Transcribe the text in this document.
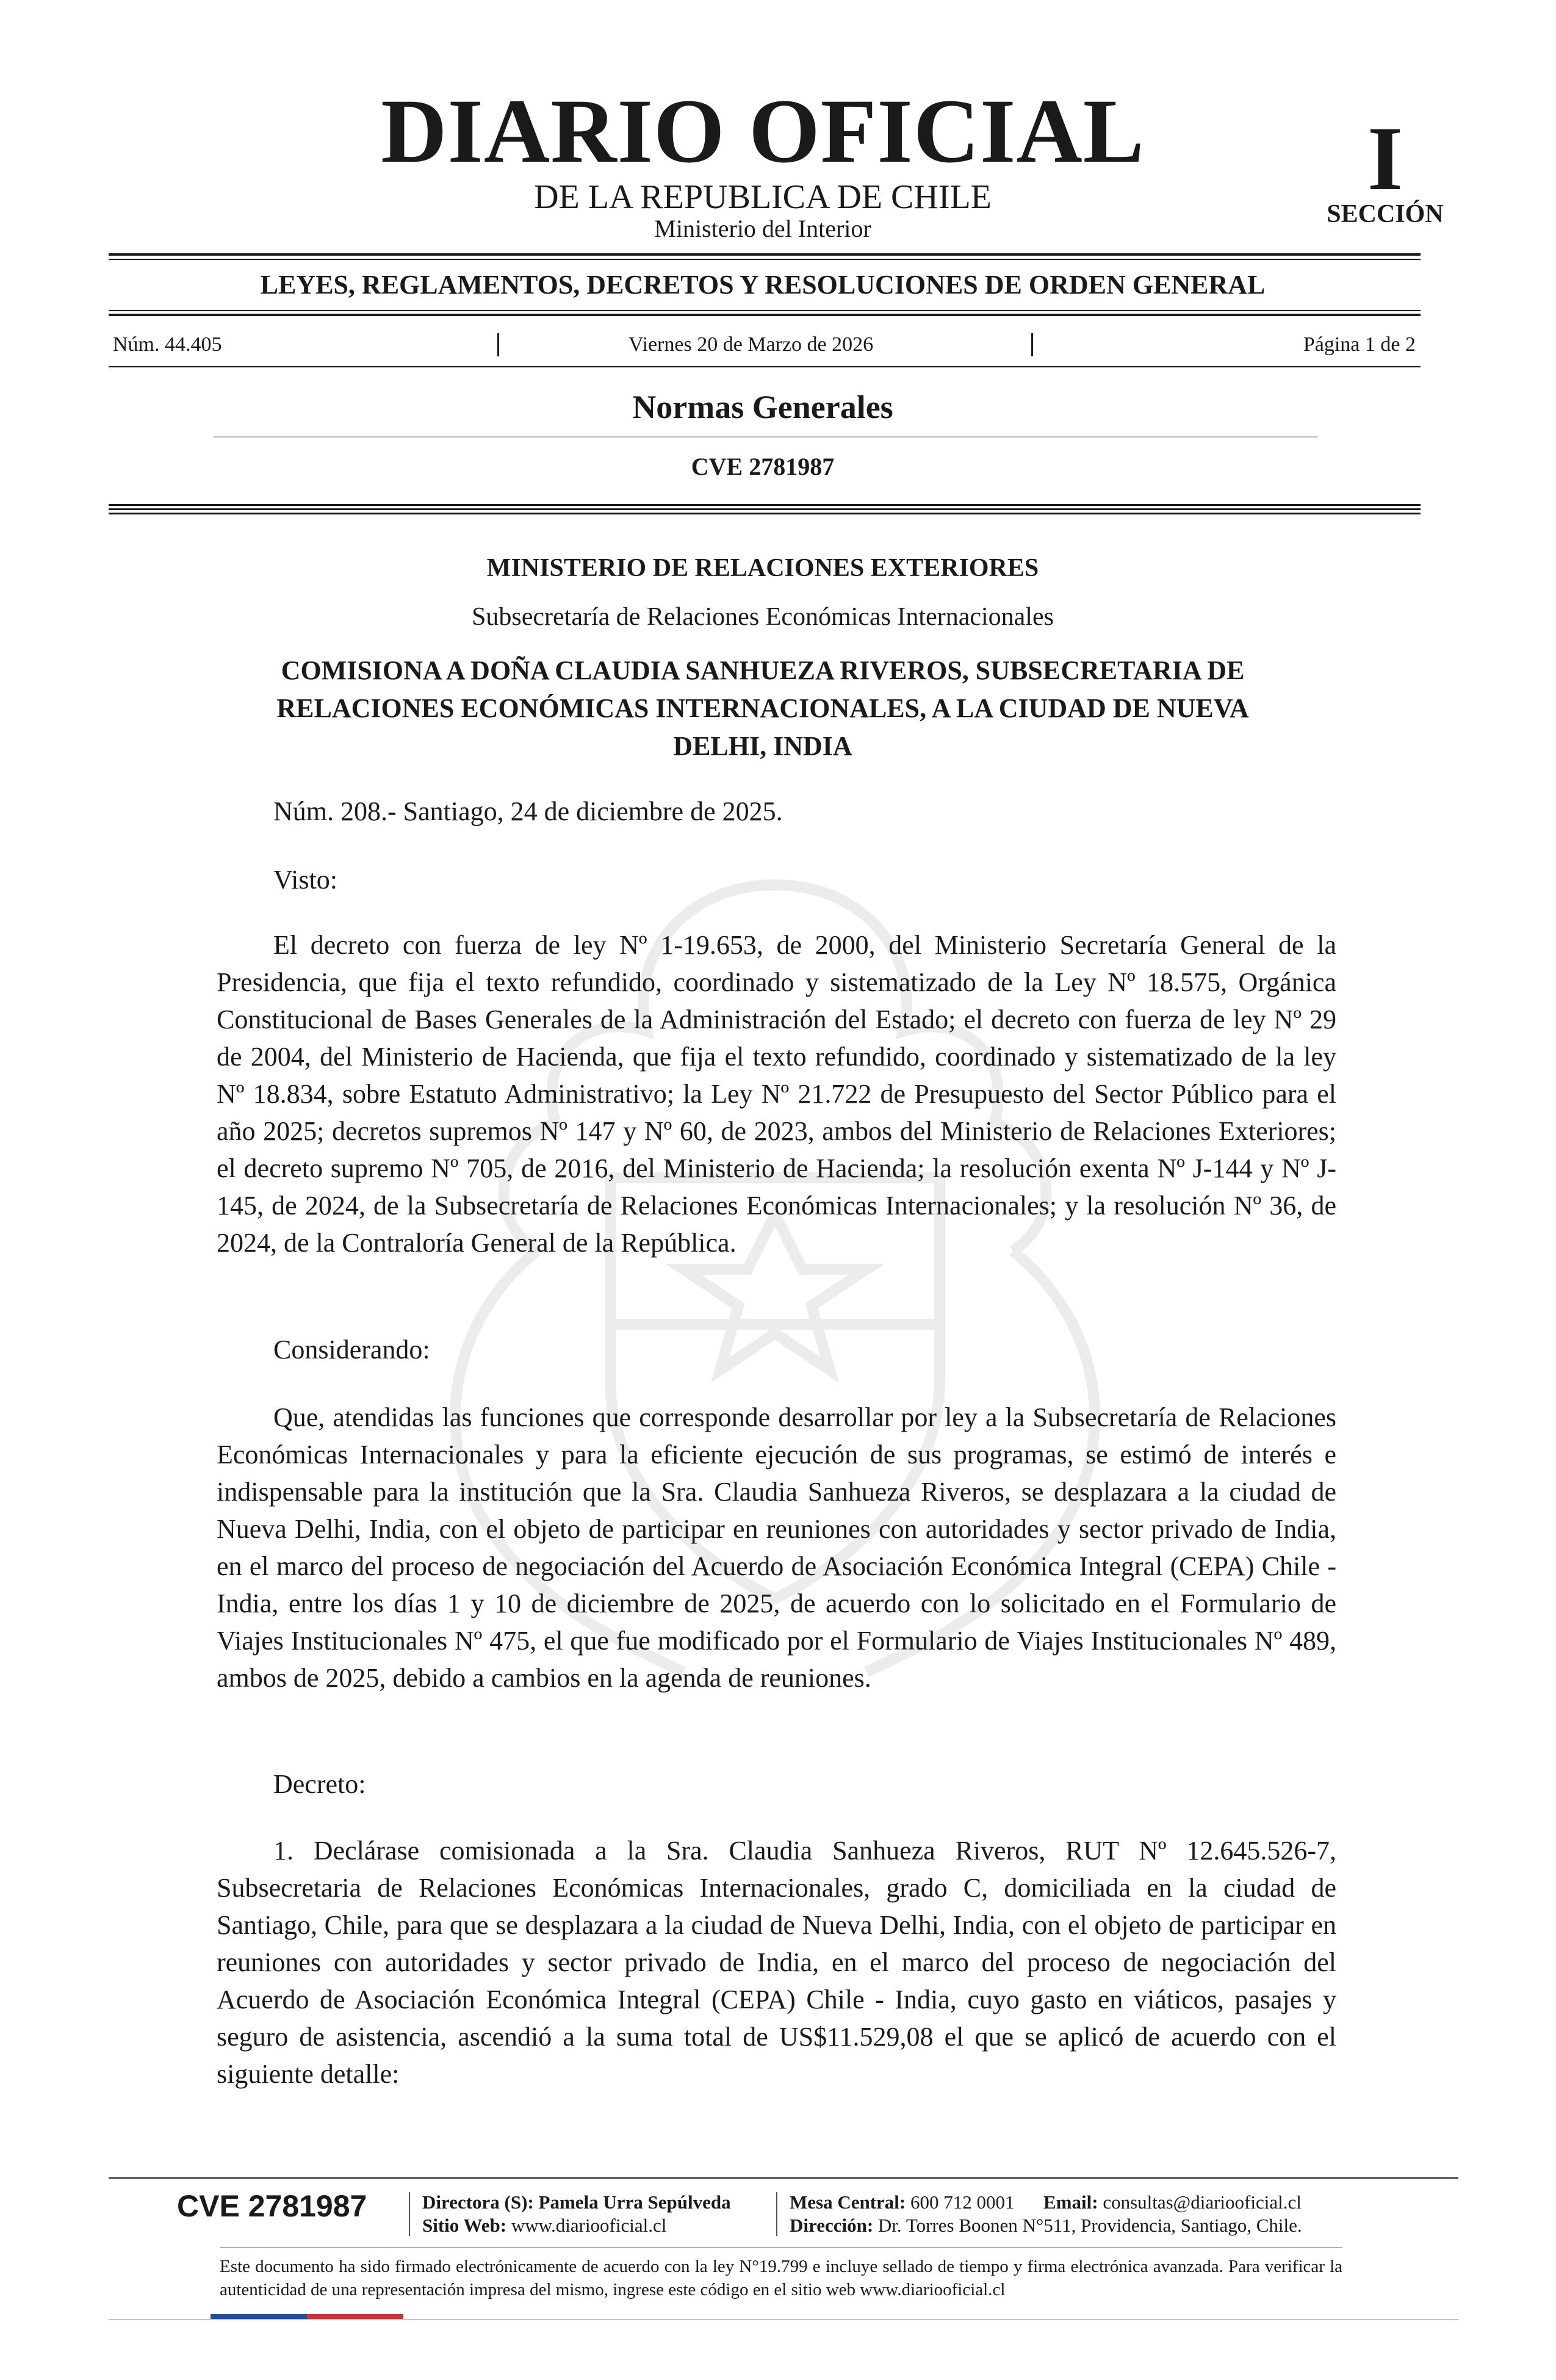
DIARIO OFICIAL
DE LA REPUBLICA DE CHILE
Ministerio del Interior
I
SECCIÓN
LEYES, REGLAMENTOS, DECRETOS Y RESOLUCIONES DE ORDEN GENERAL
Núm. 44.405	Viernes 20 de Marzo de 2026	Página 1 de 2
Normas Generales
CVE 2781987
MINISTERIO DE RELACIONES EXTERIORES
Subsecretaría de Relaciones Económicas Internacionales
COMISIONA A DOÑA CLAUDIA SANHUEZA RIVEROS, SUBSECRETARIA DE RELACIONES ECONÓMICAS INTERNACIONALES, A LA CIUDAD DE NUEVA DELHI, INDIA
Núm. 208.- Santiago, 24 de diciembre de 2025.
Visto:
El decreto con fuerza de ley Nº 1-19.653, de 2000, del Ministerio Secretaría General de la Presidencia, que fija el texto refundido, coordinado y sistematizado de la Ley Nº 18.575, Orgánica Constitucional de Bases Generales de la Administración del Estado; el decreto con fuerza de ley Nº 29 de 2004, del Ministerio de Hacienda, que fija el texto refundido, coordinado y sistematizado de la ley Nº 18.834, sobre Estatuto Administrativo; la Ley Nº 21.722 de Presupuesto del Sector Público para el año 2025; decretos supremos Nº 147 y Nº 60, de 2023, ambos del Ministerio de Relaciones Exteriores; el decreto supremo Nº 705, de 2016, del Ministerio de Hacienda; la resolución exenta Nº J-144 y Nº J-145, de 2024, de la Subsecretaría de Relaciones Económicas Internacionales; y la resolución Nº 36, de 2024, de la Contraloría General de la República.
Considerando:
Que, atendidas las funciones que corresponde desarrollar por ley a la Subsecretaría de Relaciones Económicas Internacionales y para la eficiente ejecución de sus programas, se estimó de interés e indispensable para la institución que la Sra. Claudia Sanhueza Riveros, se desplazara a la ciudad de Nueva Delhi, India, con el objeto de participar en reuniones con autoridades y sector privado de India, en el marco del proceso de negociación del Acuerdo de Asociación Económica Integral (CEPA) Chile - India, entre los días 1 y 10 de diciembre de 2025, de acuerdo con lo solicitado en el Formulario de Viajes Institucionales Nº 475, el que fue modificado por el Formulario de Viajes Institucionales Nº 489, ambos de 2025, debido a cambios en la agenda de reuniones.
Decreto:
1. Declárase comisionada a la Sra. Claudia Sanhueza Riveros, RUT Nº 12.645.526-7, Subsecretaria de Relaciones Económicas Internacionales, grado C, domiciliada en la ciudad de Santiago, Chile, para que se desplazara a la ciudad de Nueva Delhi, India, con el objeto de participar en reuniones con autoridades y sector privado de India, en el marco del proceso de negociación del Acuerdo de Asociación Económica Integral (CEPA) Chile - India, cuyo gasto en viáticos, pasajes y seguro de asistencia, ascendió a la suma total de US$11.529,08 el que se aplicó de acuerdo con el siguiente detalle:
CVE 2781987	Directora (S): Pamela Urra Sepúlveda
Sitio Web: www.diariooficial.cl
Mesa Central: 600 712 0001 Email: consultas@diariooficial.cl
Dirección: Dr. Torres Boonen N°511, Providencia, Santiago, Chile.
Este documento ha sido firmado electrónicamente de acuerdo con la ley N°19.799 e incluye sellado de tiempo y firma electrónica avanzada. Para verificar la autenticidad de una representación impresa del mismo, ingrese este código en el sitio web www.diariooficial.cl
